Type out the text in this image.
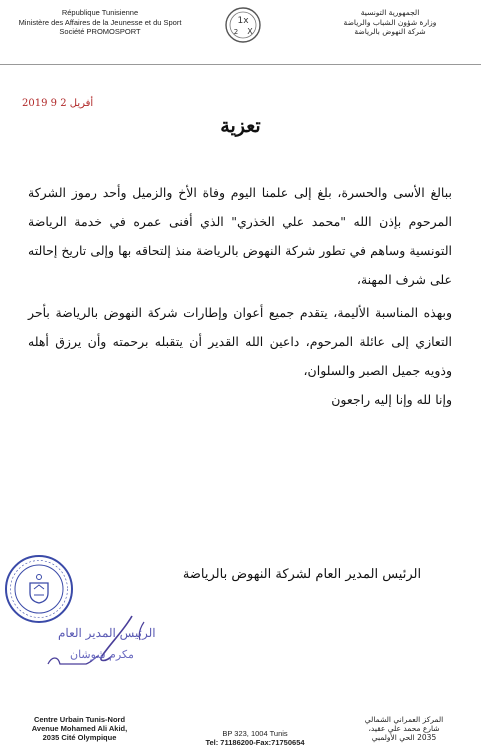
République Tunisienne
Ministère des Affaires de la Jeunesse et du Sport
Société PROMOSPORT
1x
2 X
الجمهورية التونسية
وزارة شؤون الشباب والرياضة
شركة النهوض بالرياضة
2019 أفريل 2 9
تعزية

ببالغ الأسى والحسرة، بلغ إلى علمنا اليوم وفاة الأخ والزميل وأحد رموز الشركة المرحوم بإذن الله "محمد علي الخذري" الذي أفنى عمره في خدمة الرياضة التونسية وساهم في تطور شركة النهوض بالرياضة منذ إلتحاقه بها وإلى تاريخ إحالته على شرف المهنة،

وبهذه المناسبة الأليمة، يتقدم جميع أعوان وإطارات شركة النهوض بالرياضة بأحر التعازي إلى عائلة المرحوم، داعين الله القدير أن يتقبله برحمته وأن يرزق أهله وذويه جميل الصبر والسلوان،

وإنا لله وإنا إليه راجعون

الرئيس المدير العام لشركة النهوض بالرياضة
الرئيس المدير العام
مكرم شوشان
Centre Urbain Tunis-Nord
Avenue Mohamed Ali Akid,
2035 Cité Olympique	BP 323, 1004 Tunis
Tel: 71186200-Fax:71750654
المركز العمراني الشمالي
شارع محمد علي عقيد،
2035 الحي الأولمبي
